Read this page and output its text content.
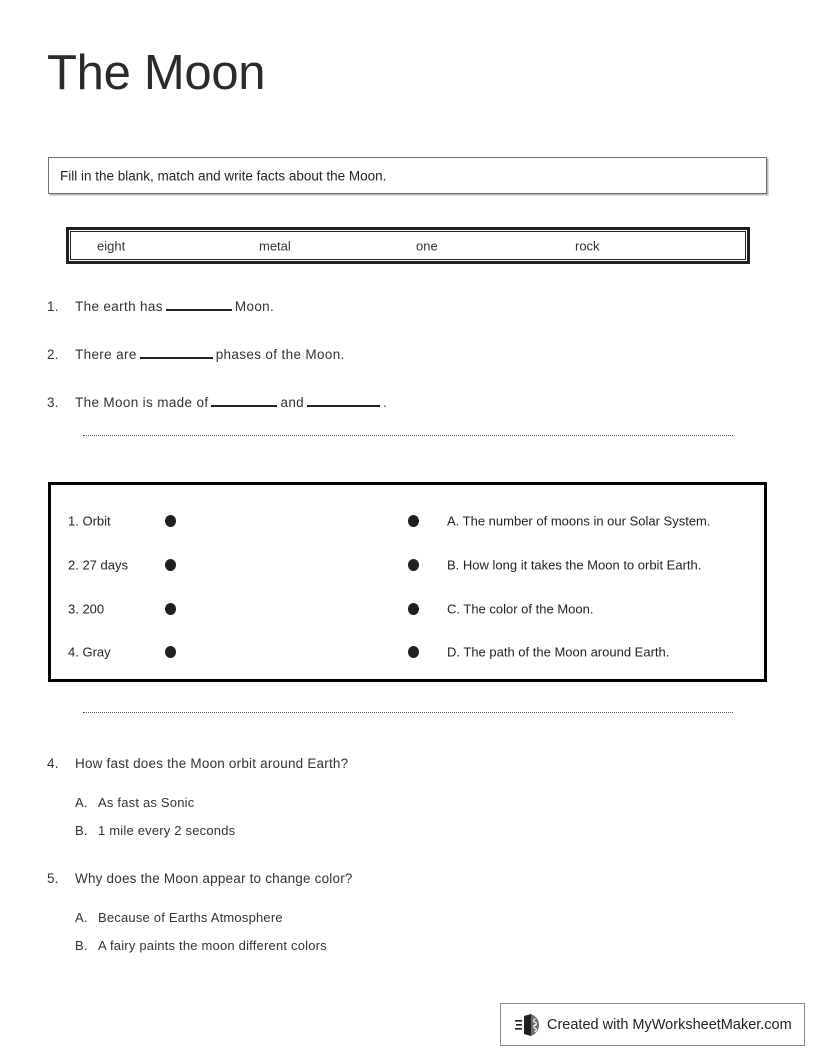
The Moon
Fill in the blank, match and write facts about the Moon.
eight	metal	one	rock
1. The earth has	Moon.
2. There are	phases of the Moon.
3. The Moon is made of	and	.
1. Orbit	A. The number of moons in our Solar System.
2. 27 days	B. How long it takes the Moon to orbit Earth.
3. 200	C. The color of the Moon.
4. Gray	D. The path of the Moon around Earth.
4. How fast does the Moon orbit around Earth?
A. As fast as Sonic
B. 1 mile every 2 seconds
5. Why does the Moon appear to change color?
A. Because of Earths Atmosphere
B. A fairy paints the moon different colors
Created with MyWorksheetMaker.com
